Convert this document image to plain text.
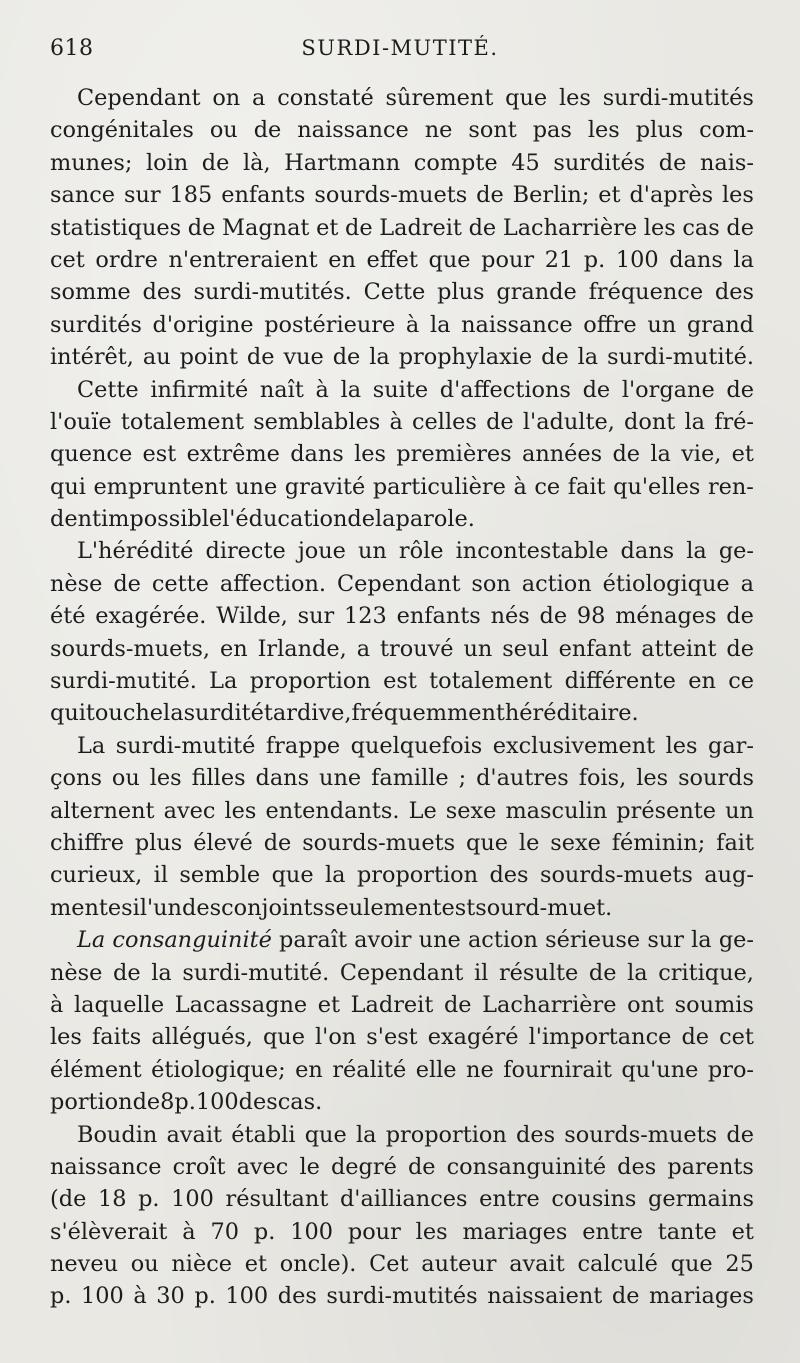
618	SURDI-MUTITÉ.
Cependant on a constaté sûrement que les surdi-mutités
congénitales ou de naissance ne sont pas les plus com-
munes; loin de là, Hartmann compte 45 surdités de nais-
sance sur 185 enfants sourds-muets de Berlin; et d'après les
statistiques de Magnat et de Ladreit de Lacharrière les cas de
cet ordre n'entreraient en effet que pour 21 p. 100 dans la
somme des surdi-mutités. Cette plus grande fréquence des
surdités d'origine postérieure à la naissance offre un grand
intérêt, au point de vue de la prophylaxie de la surdi-mutité.
Cette infirmité naît à la suite d'affections de l'organe de
l'ouïe totalement semblables à celles de l'adulte, dont la fré-
quence est extrême dans les premières années de la vie, et
qui empruntent une gravité particulière à ce fait qu'elles ren-
dent impossible l'éducation de la parole.
L'hérédité directe joue un rôle incontestable dans la ge-
nèse de cette affection. Cependant son action étiologique a
été exagérée. Wilde, sur 123 enfants nés de 98 ménages de
sourds-muets, en Irlande, a trouvé un seul enfant atteint de
surdi-mutité. La proportion est totalement différente en ce
qui touche la surdité tardive, fréquemment héréditaire.
La surdi-mutité frappe quelquefois exclusivement les gar-
çons ou les filles dans une famille ; d'autres fois, les sourds
alternent avec les entendants. Le sexe masculin présente un
chiffre plus élevé de sourds-muets que le sexe féminin; fait
curieux, il semble que la proportion des sourds-muets aug-
mente si l'un des conjoints seulement est sourd-muet.
La consanguinité paraît avoir une action sérieuse sur la ge-
nèse de la surdi-mutité. Cependant il résulte de la critique,
à laquelle Lacassagne et Ladreit de Lacharrière ont soumis
les faits allégués, que l'on s'est exagéré l'importance de cet
élément étiologique; en réalité elle ne fournirait qu'une pro-
portion de 8 p. 100 des cas.
Boudin avait établi que la proportion des sourds-muets de
naissance croît avec le degré de consanguinité des parents
(de 18 p. 100 résultant d'ailliances entre cousins germains
s'élèverait à 70 p. 100 pour les mariages entre tante et
neveu ou nièce et oncle). Cet auteur avait calculé que 25
p. 100 à 30 p. 100 des surdi-mutités naissaient de mariages
